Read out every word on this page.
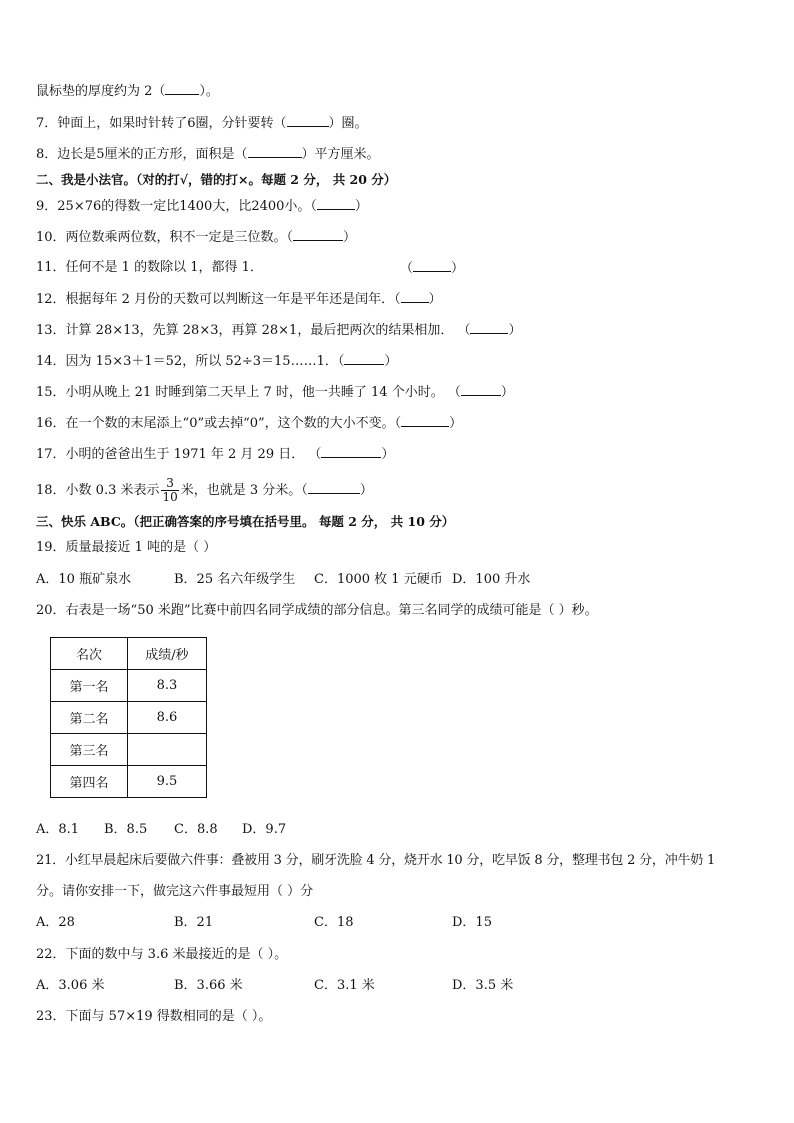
鼠标垫的厚度约为 2（	）。
7．钟面上，如果时针转了6圈，分针要转（	）圈。
8．边长是5厘米的正方形，面积是（	）平方厘米。
二、我是小法官。（对的打√，错的打×。每题 2 分， 共 20 分）
9．25×76的得数一定比1400大，比2400小。（	）
10．两位数乘两位数，积不一定是三位数。（	）
11．任何不是 1 的数除以 1，都得 1．	（	）
12．根据每年 2 月份的天数可以判断这一年是平年还是闰年．（ ）
13．计算 28×13，先算 28×3，再算 28×1，最后把两次的结果相加． （	）
14．因为 15×3＋1＝52，所以 52÷3＝15……1．（	）
15．小明从晚上 21 时睡到第二天早上 7 时，他一共睡了 14 个小时。 （	）
16．在一个数的末尾添上“0”或去掉“0”，这个数的大小不变。（	）
17．小明的爸爸出生于 1971 年 2 月 29 日． （	）
18．小数 0.3 米表示 $\frac{3}{10}$ 米，也就是 3 分米。（	）
三、快乐 ABC。（把正确答案的序号填在括号里。 每题 2 分， 共 10 分）
19．质量最接近 1 吨的是（ ）
A．10 瓶矿泉水	B．25 名六年级学生 C．1000 枚 1 元硬币 D．100 升水
20．右表是一场“50 米跑”比赛中前四名同学成绩的部分信息。第三名同学的成绩可能是（ ）秒。
名次	成绩/秒
第一名	8.3
第二名	8.6
第三名	
第四名	9.5
A．8.1 B．8.5 C．8.8 D．9.7
21．小红早晨起床后要做六件事：叠被用 3 分，刷牙洗脸 4 分，烧开水 10 分，吃早饭 8 分，整理书包 2 分，冲牛奶 1
分。请你安排一下，做完这六件事最短用（ ）分
A．28	B．21	C．18	D．15
22．下面的数中与 3.6 米最接近的是（ ）。
A．3.06 米	B．3.66 米	C．3.1 米	D．3.5 米
23．下面与 57×19 得数相同的是（ ）。
